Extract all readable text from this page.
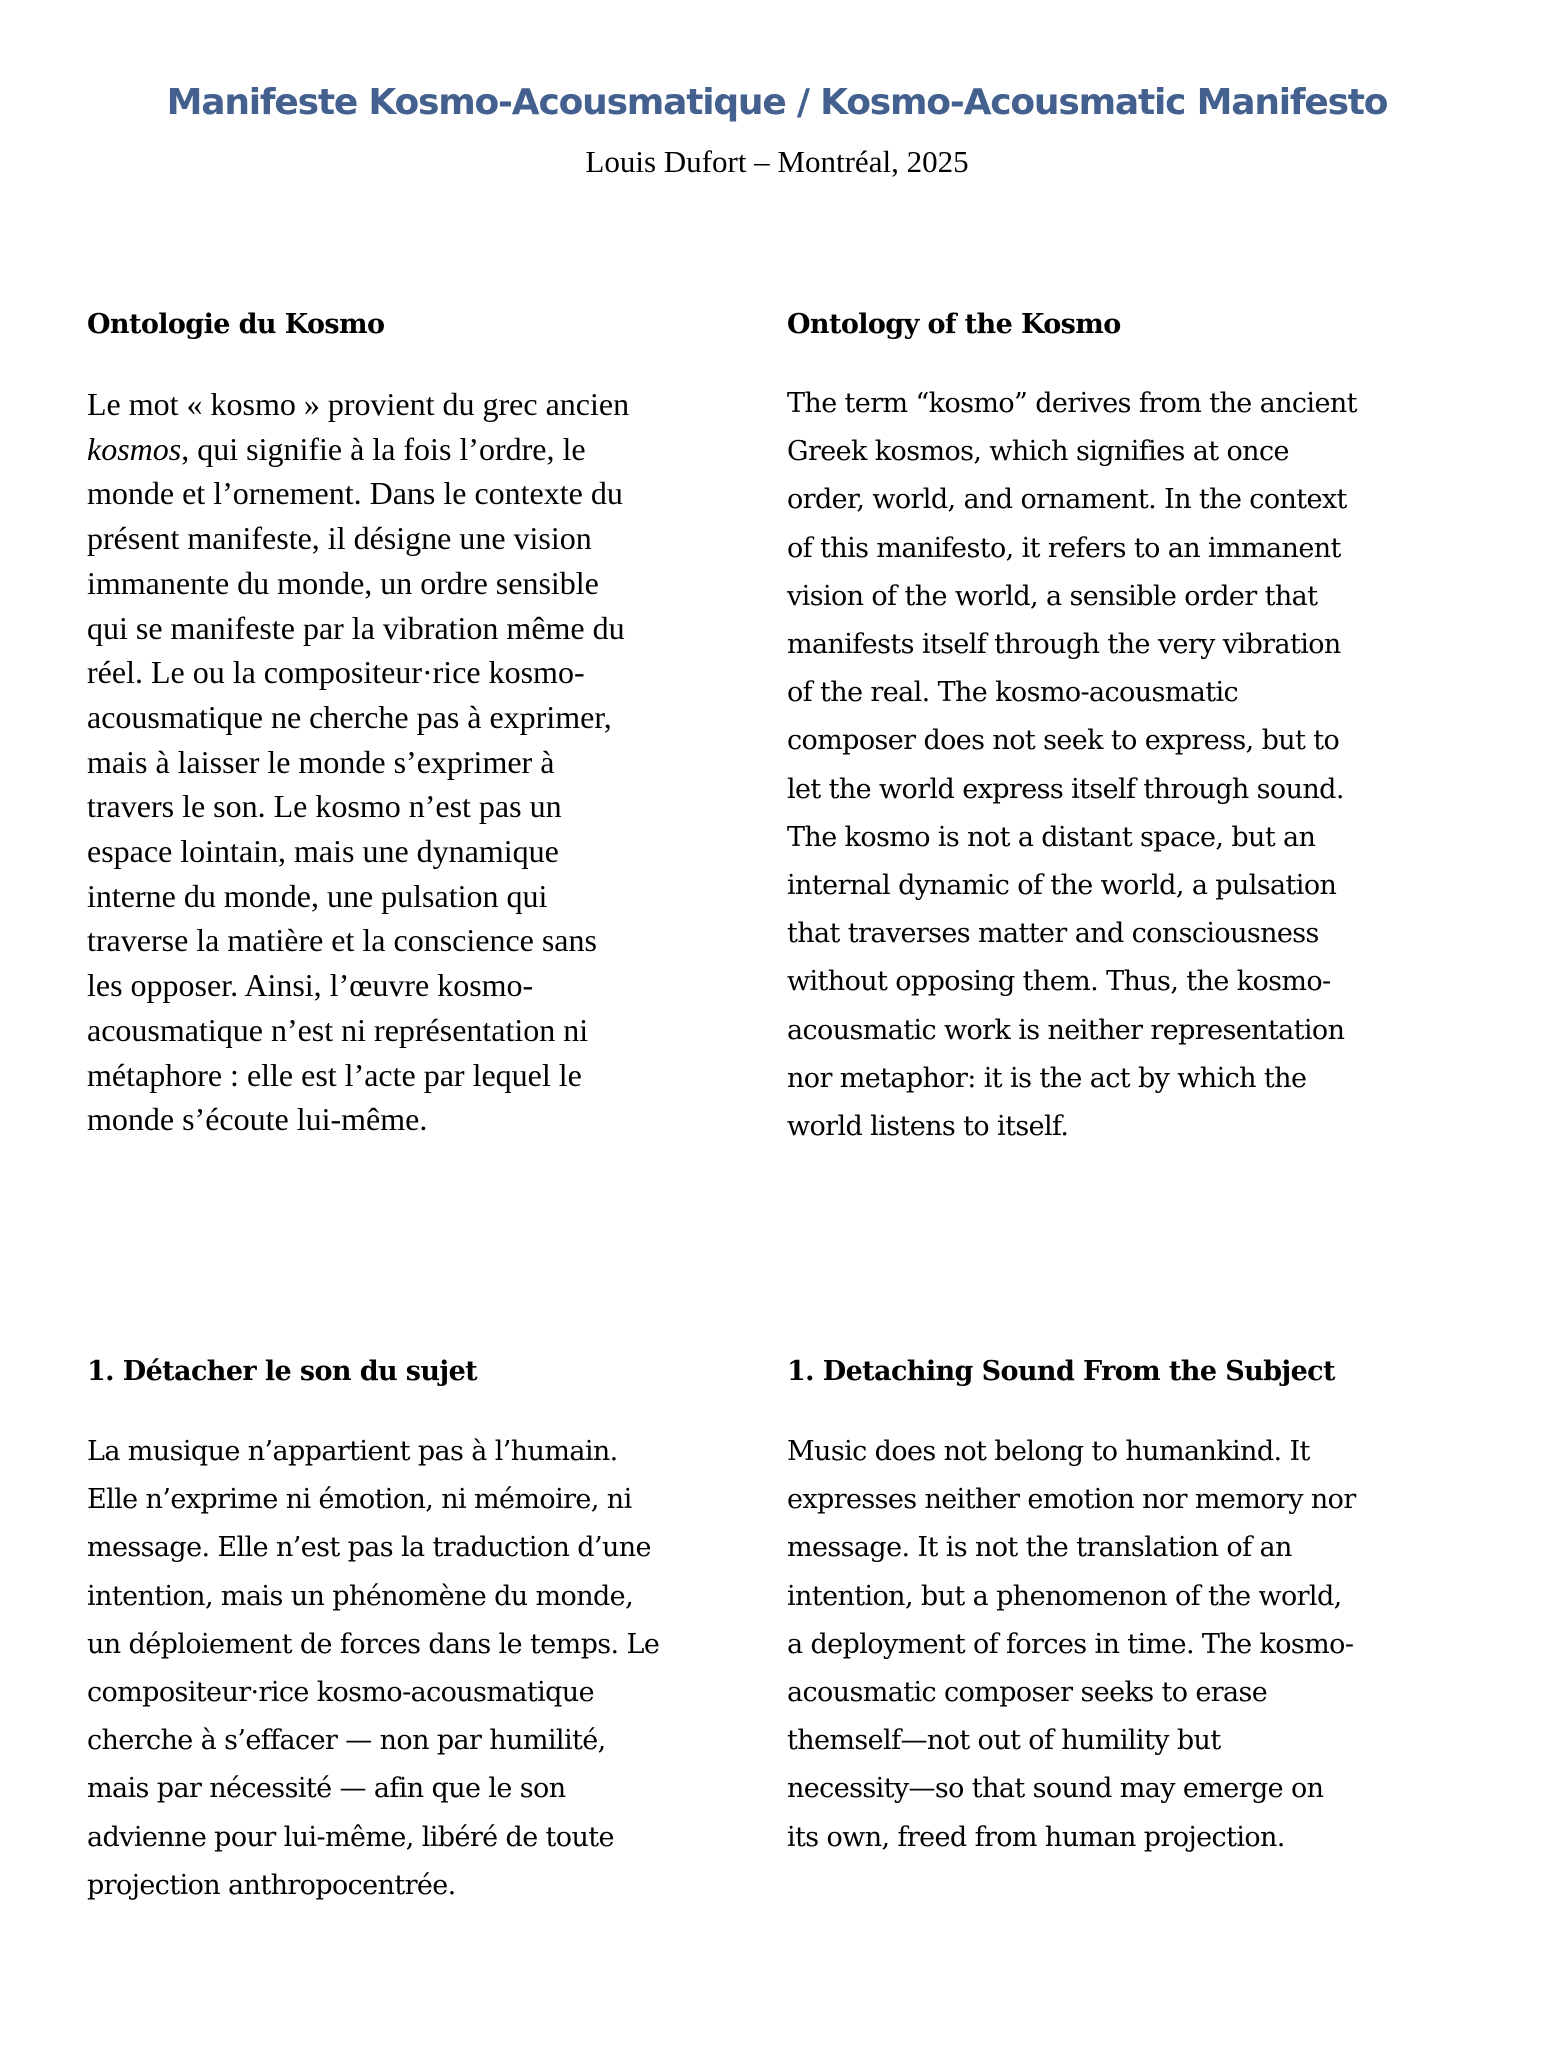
Manifeste Kosmo-Acousmatique / Kosmo-Acousmatic Manifesto

Louis Dufort – Montréal, 2025

Ontologie du Kosmo

Le mot « kosmo » provient du grec ancien
kosmos, qui signifie à la fois l’ordre, le
monde et l’ornement. Dans le contexte du
présent manifeste, il désigne une vision
immanente du monde, un ordre sensible
qui se manifeste par la vibration même du
réel. Le ou la compositeur·rice kosmo-
acousmatique ne cherche pas à exprimer,
mais à laisser le monde s’exprimer à
travers le son. Le kosmo n’est pas un
espace lointain, mais une dynamique
interne du monde, une pulsation qui
traverse la matière et la conscience sans
les opposer. Ainsi, l’œuvre kosmo-
acousmatique n’est ni représentation ni
métaphore : elle est l’acte par lequel le
monde s’écoute lui-même.

Ontology of the Kosmo

The term “kosmo” derives from the ancient
Greek kosmos, which signifies at once
order, world, and ornament. In the context
of this manifesto, it refers to an immanent
vision of the world, a sensible order that
manifests itself through the very vibration
of the real. The kosmo-acousmatic
composer does not seek to express, but to
let the world express itself through sound.
The kosmo is not a distant space, but an
internal dynamic of the world, a pulsation
that traverses matter and consciousness
without opposing them. Thus, the kosmo-
acousmatic work is neither representation
nor metaphor: it is the act by which the
world listens to itself.

1. Détacher le son du sujet

La musique n’appartient pas à l’humain.
Elle n’exprime ni émotion, ni mémoire, ni
message. Elle n’est pas la traduction d’une
intention, mais un phénomène du monde,
un déploiement de forces dans le temps. Le
compositeur·rice kosmo-acousmatique
cherche à s’effacer — non par humilité,
mais par nécessité — afin que le son
advienne pour lui-même, libéré de toute
projection anthropocentrée.

1. Detaching Sound From the Subject

Music does not belong to humankind. It
expresses neither emotion nor memory nor
message. It is not the translation of an
intention, but a phenomenon of the world,
a deployment of forces in time. The kosmo-
acousmatic composer seeks to erase
themself—not out of humility but
necessity—so that sound may emerge on
its own, freed from human projection.
